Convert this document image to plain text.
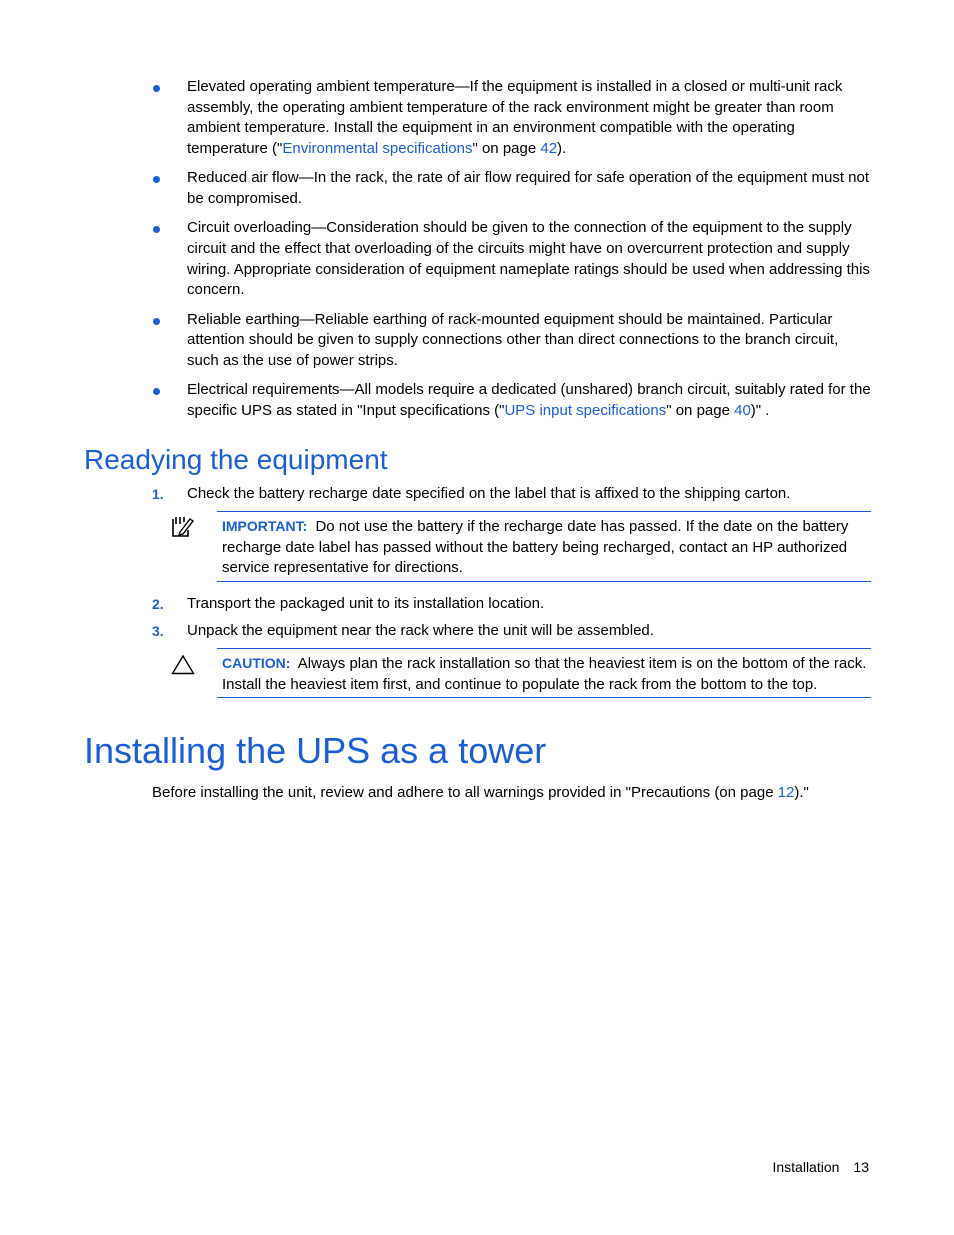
Elevated operating ambient temperature—If the equipment is installed in a closed or multi-unit rack assembly, the operating ambient temperature of the rack environment might be greater than room ambient temperature. Install the equipment in an environment compatible with the operating temperature ("Environmental specifications" on page 42).
Reduced air flow—In the rack, the rate of air flow required for safe operation of the equipment must not be compromised.
Circuit overloading—Consideration should be given to the connection of the equipment to the supply circuit and the effect that overloading of the circuits might have on overcurrent protection and supply wiring. Appropriate consideration of equipment nameplate ratings should be used when addressing this concern.
Reliable earthing—Reliable earthing of rack-mounted equipment should be maintained. Particular attention should be given to supply connections other than direct connections to the branch circuit, such as the use of power strips.
Electrical requirements—All models require a dedicated (unshared) branch circuit, suitably rated for the specific UPS as stated in "Input specifications ("UPS input specifications" on page 40)" .
Readying the equipment
1. Check the battery recharge date specified on the label that is affixed to the shipping carton.
IMPORTANT: Do not use the battery if the recharge date has passed. If the date on the battery recharge date label has passed without the battery being recharged, contact an HP authorized service representative for directions.
2. Transport the packaged unit to its installation location.
3. Unpack the equipment near the rack where the unit will be assembled.
CAUTION: Always plan the rack installation so that the heaviest item is on the bottom of the rack. Install the heaviest item first, and continue to populate the rack from the bottom to the top.
Installing the UPS as a tower
Before installing the unit, review and adhere to all warnings provided in "Precautions (on page 12)."
Installation 13
